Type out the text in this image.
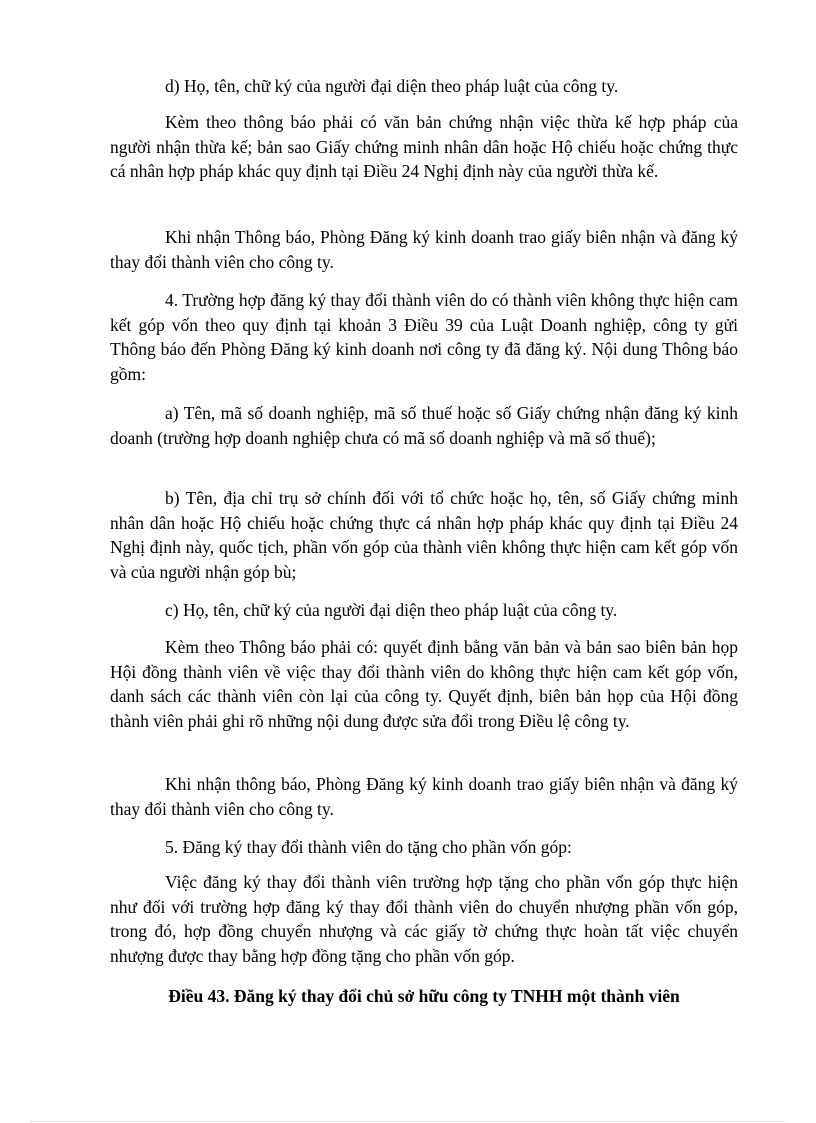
d) Họ, tên, chữ ký của người đại diện theo pháp luật của công ty.

Kèm theo thông báo phải có văn bản chứng nhận việc thừa kế hợp pháp của người nhận thừa kế; bản sao Giấy chứng minh nhân dân hoặc Hộ chiếu hoặc chứng thực cá nhân hợp pháp khác quy định tại Điều 24 Nghị định này của người thừa kế.

Khi nhận Thông báo, Phòng Đăng ký kinh doanh trao giấy biên nhận và đăng ký thay đổi thành viên cho công ty.

4. Trường hợp đăng ký thay đổi thành viên do có thành viên không thực hiện cam kết góp vốn theo quy định tại khoản 3 Điều 39 của Luật Doanh nghiệp, công ty gửi Thông báo đến Phòng Đăng ký kinh doanh nơi công ty đã đăng ký. Nội dung Thông báo gồm:

a) Tên, mã số doanh nghiệp, mã số thuế hoặc số Giấy chứng nhận đăng ký kinh doanh (trường hợp doanh nghiệp chưa có mã số doanh nghiệp và mã số thuế);

b) Tên, địa chỉ trụ sở chính đối với tổ chức hoặc họ, tên, số Giấy chứng minh nhân dân hoặc Hộ chiếu hoặc chứng thực cá nhân hợp pháp khác quy định tại Điều 24 Nghị định này, quốc tịch, phần vốn góp của thành viên không thực hiện cam kết góp vốn và của người nhận góp bù;

c) Họ, tên, chữ ký của người đại diện theo pháp luật của công ty.

Kèm theo Thông báo phải có: quyết định bằng văn bản và bản sao biên bản họp Hội đồng thành viên về việc thay đổi thành viên do không thực hiện cam kết góp vốn, danh sách các thành viên còn lại của công ty. Quyết định, biên bản họp của Hội đồng thành viên phải ghi rõ những nội dung được sửa đổi trong Điều lệ công ty.

Khi nhận thông báo, Phòng Đăng ký kinh doanh trao giấy biên nhận và đăng ký thay đổi thành viên cho công ty.

5. Đăng ký thay đổi thành viên do tặng cho phần vốn góp:

Việc đăng ký thay đổi thành viên trường hợp tặng cho phần vốn góp thực hiện như đối với trường hợp đăng ký thay đổi thành viên do chuyển nhượng phần vốn góp, trong đó, hợp đồng chuyển nhượng và các giấy tờ chứng thực hoàn tất việc chuyển nhượng được thay bằng hợp đồng tặng cho phần vốn góp.

Điều 43. Đăng ký thay đổi chủ sở hữu công ty TNHH một thành viên
